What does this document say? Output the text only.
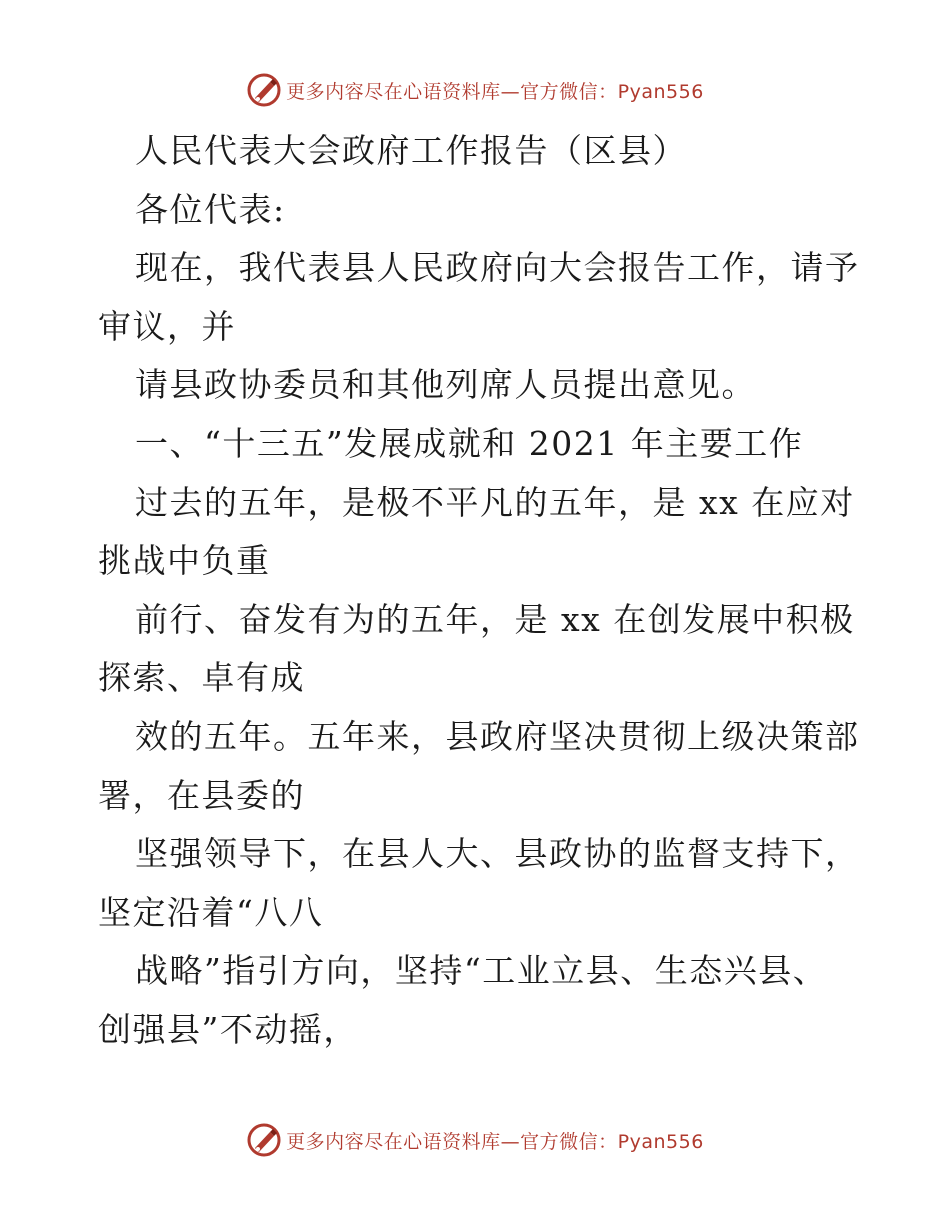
更多内容尽在心语资料库—官方微信：Pyan556
人民代表大会政府工作报告（区县）
各位代表:
现在，我代表县人民政府向大会报告工作，请予
审议，并
请县政协委员和其他列席人员提出意见。
一、“十三五”发展成就和 2021 年主要工作
过去的五年，是极不平凡的五年，是 xx 在应对
挑战中负重
前行、奋发有为的五年，是 xx 在创发展中积极
探索、卓有成
效的五年。五年来，县政府坚决贯彻上级决策部
署，在县委的
坚强领导下，在县人大、县政协的监督支持下，
坚定沿着“八八
战略”指引方向，坚持“工业立县、生态兴县、
创强县”不动摇，
更多内容尽在心语资料库—官方微信：Pyan556
